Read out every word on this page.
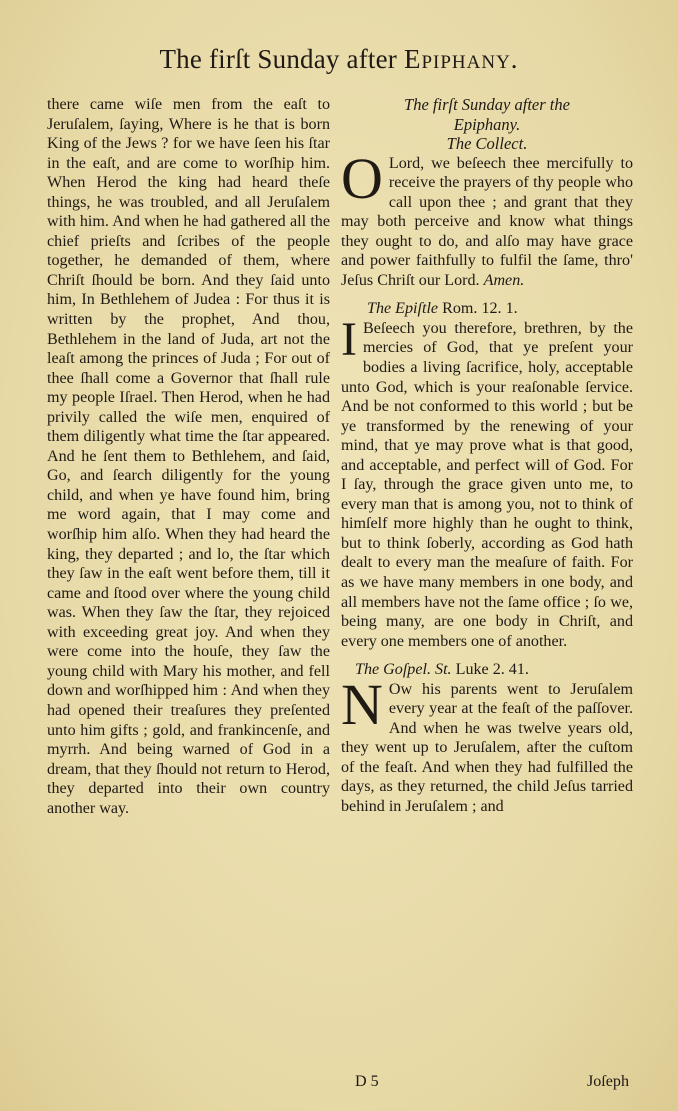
The firſt Sunday after Epiphany.

there came wiſe men from the eaſt to Jeruſalem, ſaying, Where is he that is born King of the Jews ? for we have ſeen his ſtar in the eaſt, and are come to worſhip him. When Herod the king had heard theſe things, he was troubled, and all Jeruſalem with him. And when he had gathered all the chief prieſts and ſcribes of the people together, he demanded of them, where Chriſt ſhould be born. And they ſaid unto him, In Bethlehem of Judea : For thus it is written by the prophet, And thou, Bethlehem in the land of Juda, art not the leaſt among the princes of Juda ; For out of thee ſhall come a Governor that ſhall rule my people Iſrael. Then Herod, when he had privily called the wiſe men, enquired of them diligently what time the ſtar appeared. And he ſent them to Bethlehem, and ſaid, Go, and ſearch diligently for the young child, and when ye have found him, bring me word again, that I may come and worſhip him alſo. When they had heard the king, they departed ; and lo, the ſtar which they ſaw in the eaſt went before them, till it came and ſtood over where the young child was. When they ſaw the ſtar, they rejoiced with exceeding great joy. And when they were come into the houſe, they ſaw the young child with Mary his mother, and fell down and worſhipped him : And when they had opened their treaſures they preſented unto him gifts ; gold, and frankincenſe, and myrrh. And being warned of God in a dream, that they ſhould not return to Herod, they departed into their own country another way.

The firſt Sunday after the
Epiphany.
The Collect.

O Lord, we beſeech thee mercifully to receive the prayers of thy people who call upon thee ; and grant that they may both perceive and know what things they ought to do, and alſo may have grace and power faithfully to fulfil the ſame, thro' Jeſus Chriſt our Lord. Amen.

The Epiſtle Rom. 12. 1.

I Beſeech you therefore, brethren, by the mercies of God, that ye preſent your bodies a living ſacrifice, holy, acceptable unto God, which is your reaſonable ſervice. And be not conformed to this world ; but be ye transformed by the renewing of your mind, that ye may prove what is that good, and acceptable, and perfect will of God. For I ſay, through the grace given unto me, to every man that is among you, not to think of himſelf more highly than he ought to think, but to think ſoberly, according as God hath dealt to every man the meaſure of faith. For as we have many members in one body, and all members have not the ſame office ; ſo we, being many, are one body in Chriſt, and every one members one of another.

The Goſpel. St. Luke 2. 41.

N Ow his parents went to Jeruſalem every year at the feaſt of the paſſover. And when he was twelve years old, they went up to Jeruſalem, after the cuſtom of the feaſt. And when they had fulfilled the days, as they returned, the child Jeſus tarried behind in Jeruſalem ; and

D 5	Joſeph
